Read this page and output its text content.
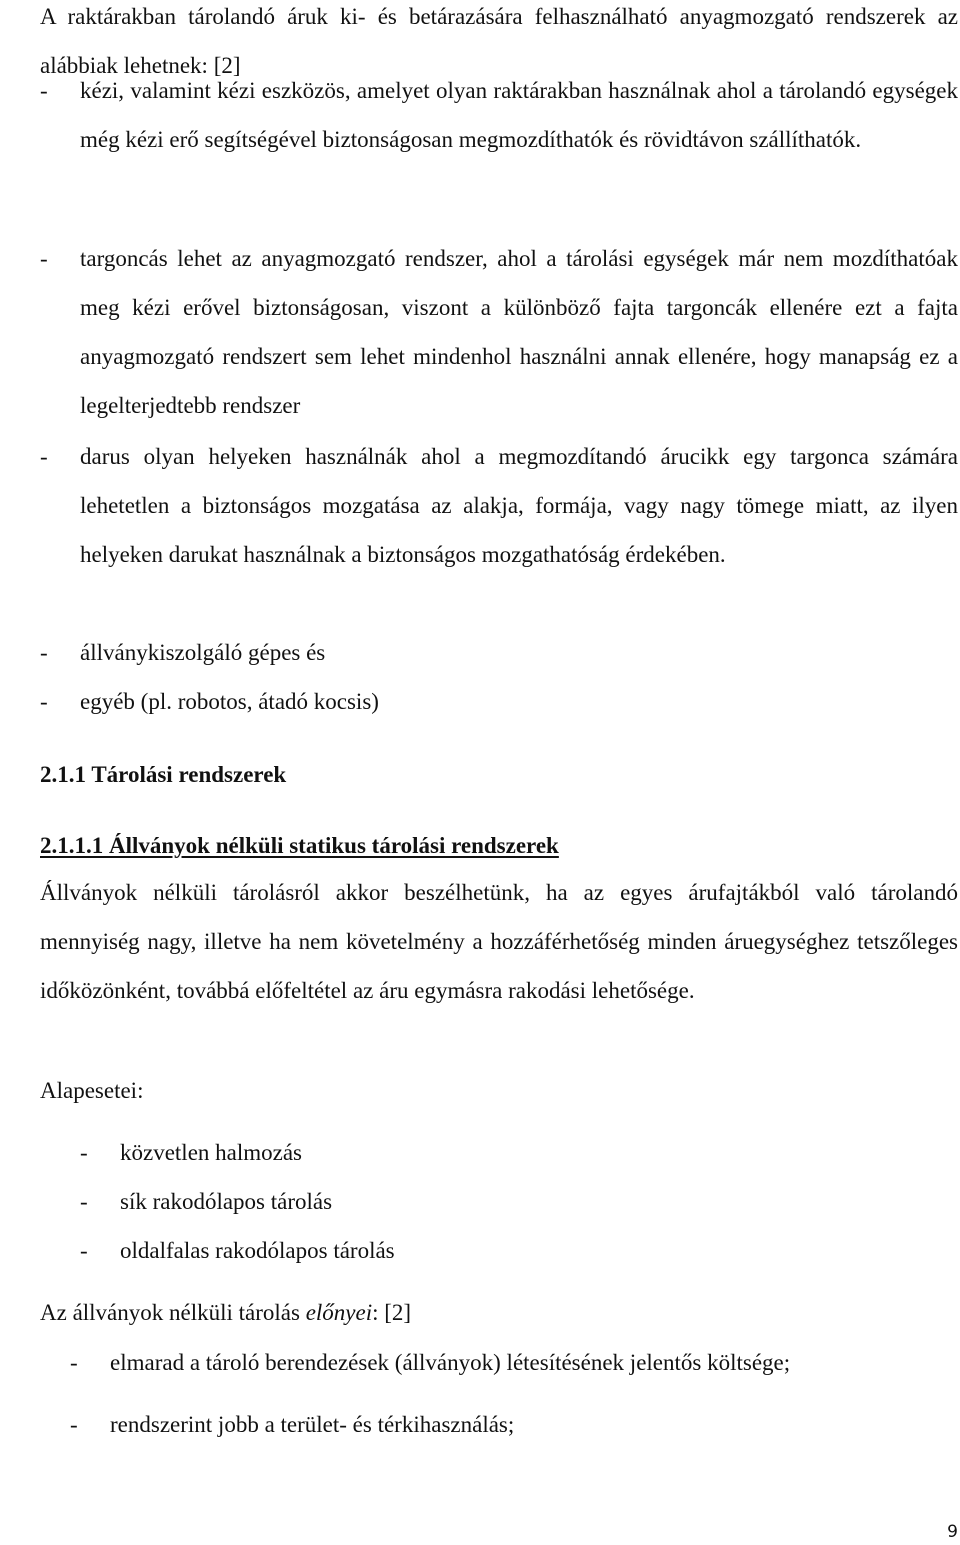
A raktárakban tárolandó áruk ki- és betárazására felhasználható anyagmozgató rendszerek az alábbiak lehetnek: [2]

- kézi, valamint kézi eszközös, amelyet olyan raktárakban használnak ahol a tárolandó egységek még kézi erő segítségével biztonságosan megmozdíthatók és rövidtávon szállíthatók.
- targoncás lehet az anyagmozgató rendszer, ahol a tárolási egységek már nem mozdíthatóak meg kézi erővel biztonságosan, viszont a különböző fajta targoncák ellenére ezt a fajta anyagmozgató rendszert sem lehet mindenhol használni annak ellenére, hogy manapság ez a legelterjedtebb rendszer
- darus olyan helyeken használnák ahol a megmozdítandó árucikk egy targonca számára lehetetlen a biztonságos mozgatása az alakja, formája, vagy nagy tömege miatt, az ilyen helyeken darukat használnak a biztonságos mozgathatóság érdekében.
- állványkiszolgáló gépes és
- egyéb (pl. robotos, átadó kocsis)
2.1.1 Tárolási rendszerek
2.1.1.1 Állványok nélküli statikus tárolási rendszerek

Állványok nélküli tárolásról akkor beszélhetünk, ha az egyes árufajtákból való tárolandó mennyiség nagy, illetve ha nem követelmény a hozzáférhetőség minden áruegységhez tetszőleges időközönként, továbbá előfeltétel az áru egymásra rakodási lehetősége.

Alapesetei:

- közvetlen halmozás
- sík rakodólapos tárolás
- oldalfalas rakodólapos tárolás

Az állványok nélküli tárolás előnyei: [2]

- elmarad a tároló berendezések (állványok) létesítésének jelentős költsége;
- rendszerint jobb a terület- és térkihasználás;
9
